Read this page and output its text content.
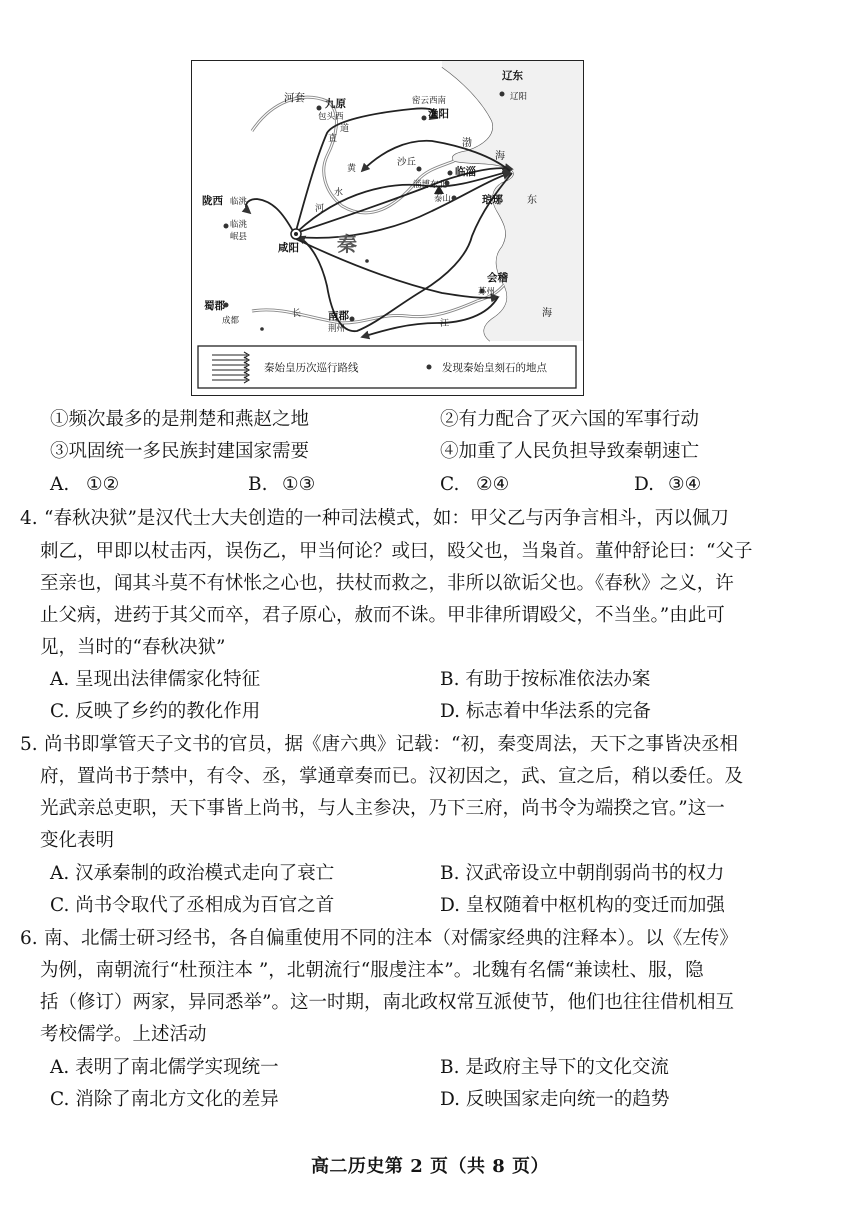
辽东
辽阳
河套 九原
包头西
密云西南
渔阳
直
道
渤
海
沙丘
临淄
淄博东北
泰山
陇西 临洮
临洮
岷县
咸阳 秦
河
水
黄
琅琊 东
会稽
苏州
蜀郡
成都	南郡
荆州
长
江
海
秦始皇历次巡行路线	发现秦始皇刻石的地点
①频次最多的是荆楚和燕赵之地	②有力配合了灭六国的军事行动
③巩固统一多民族封建国家需要	④加重了人民负担导致秦朝速亡
A. ①②	B. ①③	C. ②④	D. ③④
4. “春秋决狱”是汉代士大夫创造的一种司法模式，如：甲父乙与丙争言相斗，丙以佩刀
刺乙，甲即以杖击丙，误伤乙，甲当何论？或曰，殴父也，当枭首。董仲舒论曰：“父子
至亲也，闻其斗莫不有怵怅之心也，扶杖而救之，非所以欲诟父也。《春秋》之义，许
止父病，进药于其父而卒，君子原心，赦而不诛。甲非律所谓殴父，不当坐。”由此可
见，当时的“春秋决狱”
A. 呈现出法律儒家化特征	B. 有助于按标准依法办案
C. 反映了乡约的教化作用	D. 标志着中华法系的完备
5. 尚书即掌管天子文书的官员，据《唐六典》记载：“初，秦变周法，天下之事皆决丞相
府，置尚书于禁中，有令、丞，掌通章奏而已。汉初因之，武、宣之后，稍以委任。及
光武亲总吏职，天下事皆上尚书，与人主参决，乃下三府，尚书令为端揆之官。”这一
变化表明
A. 汉承秦制的政治模式走向了衰亡	B. 汉武帝设立中朝削弱尚书的权力
C. 尚书令取代了丞相成为百官之首	D. 皇权随着中枢机构的变迁而加强
6. 南、北儒士研习经书，各自偏重使用不同的注本（对儒家经典的注释本）。以《左传》
为例，南朝流行“杜预注本 ”，北朝流行“服虔注本”。北魏有名儒“兼读杜、服，隐
括（修订）两家，异同悉举”。这一时期，南北政权常互派使节，他们也往往借机相互
考校儒学。上述活动
A. 表明了南北儒学实现统一	B. 是政府主导下的文化交流
C. 消除了南北方文化的差异	D. 反映国家走向统一的趋势
高二历史第 2 页（共 8 页）
